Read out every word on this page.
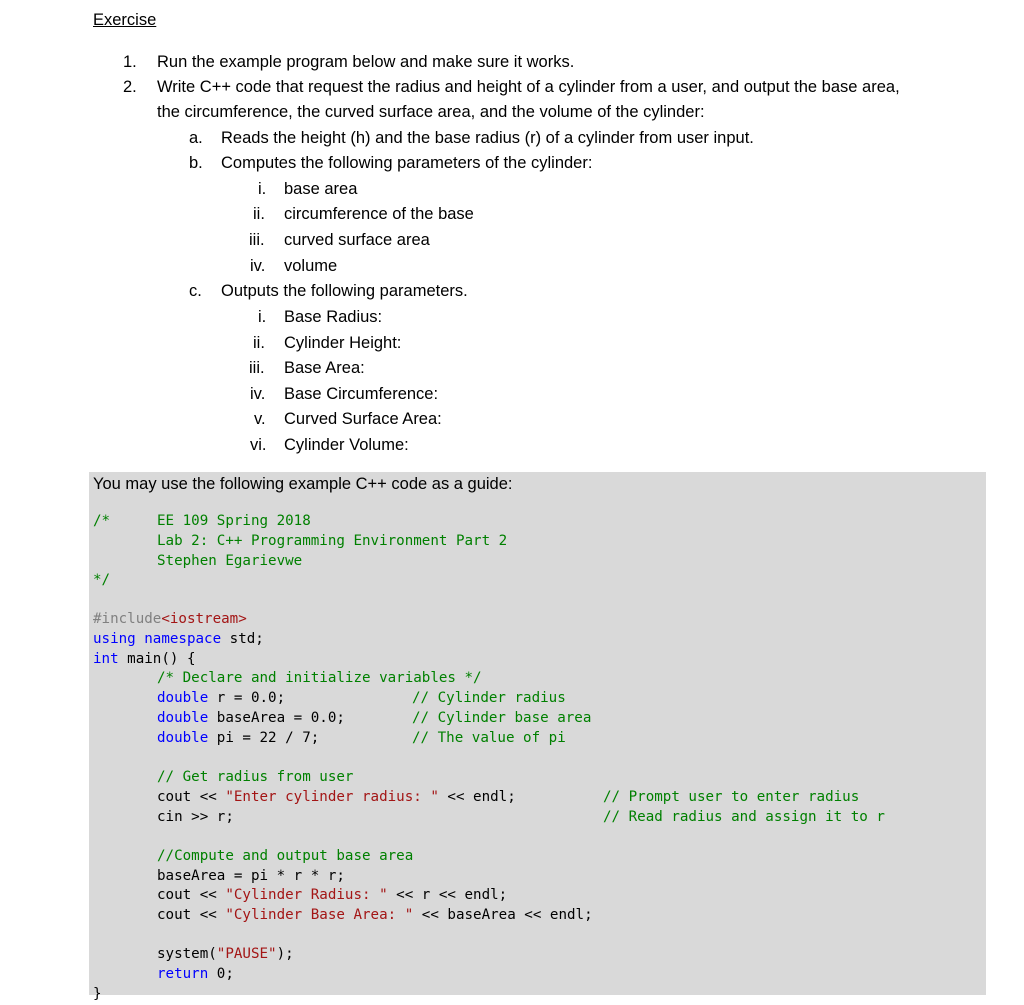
Exercise
1. Run the example program below and make sure it works.
2. Write C++ code that request the radius and height of a cylinder from a user, and output the base area,
the circumference, the curved surface area, and the volume of the cylinder:
a. Reads the height (h) and the base radius (r) of a cylinder from user input.
b. Computes the following parameters of the cylinder:
i. base area
ii. circumference of the base
iii. curved surface area
iv. volume
c. Outputs the following parameters.
i. Base Radius:
ii. Cylinder Height:
iii. Base Area:
iv. Base Circumference:
v. Curved Surface Area:
vi. Cylinder Volume:
You may use the following example C++ code as a guide:
/*	EE 109 Spring 2018
Lab 2: C++ Programming Environment Part 2
Stephen Egarievwe
*/
#include<iostream>
using namespace std;
int main() {
/* Declare and initialize variables */
double r = 0.0;	// Cylinder radius
double baseArea = 0.0;	// Cylinder base area
double pi = 22 / 7;	// The value of pi
// Get radius from user
cout << "Enter cylinder radius: " << endl;	// Prompt user to enter radius
cin >> r;	// Read radius and assign it to r
//Compute and output base area
baseArea = pi * r * r;
cout << "Cylinder Radius: " << r << endl;
cout << "Cylinder Base Area: " << baseArea << endl;
system("PAUSE");
return 0;
}
